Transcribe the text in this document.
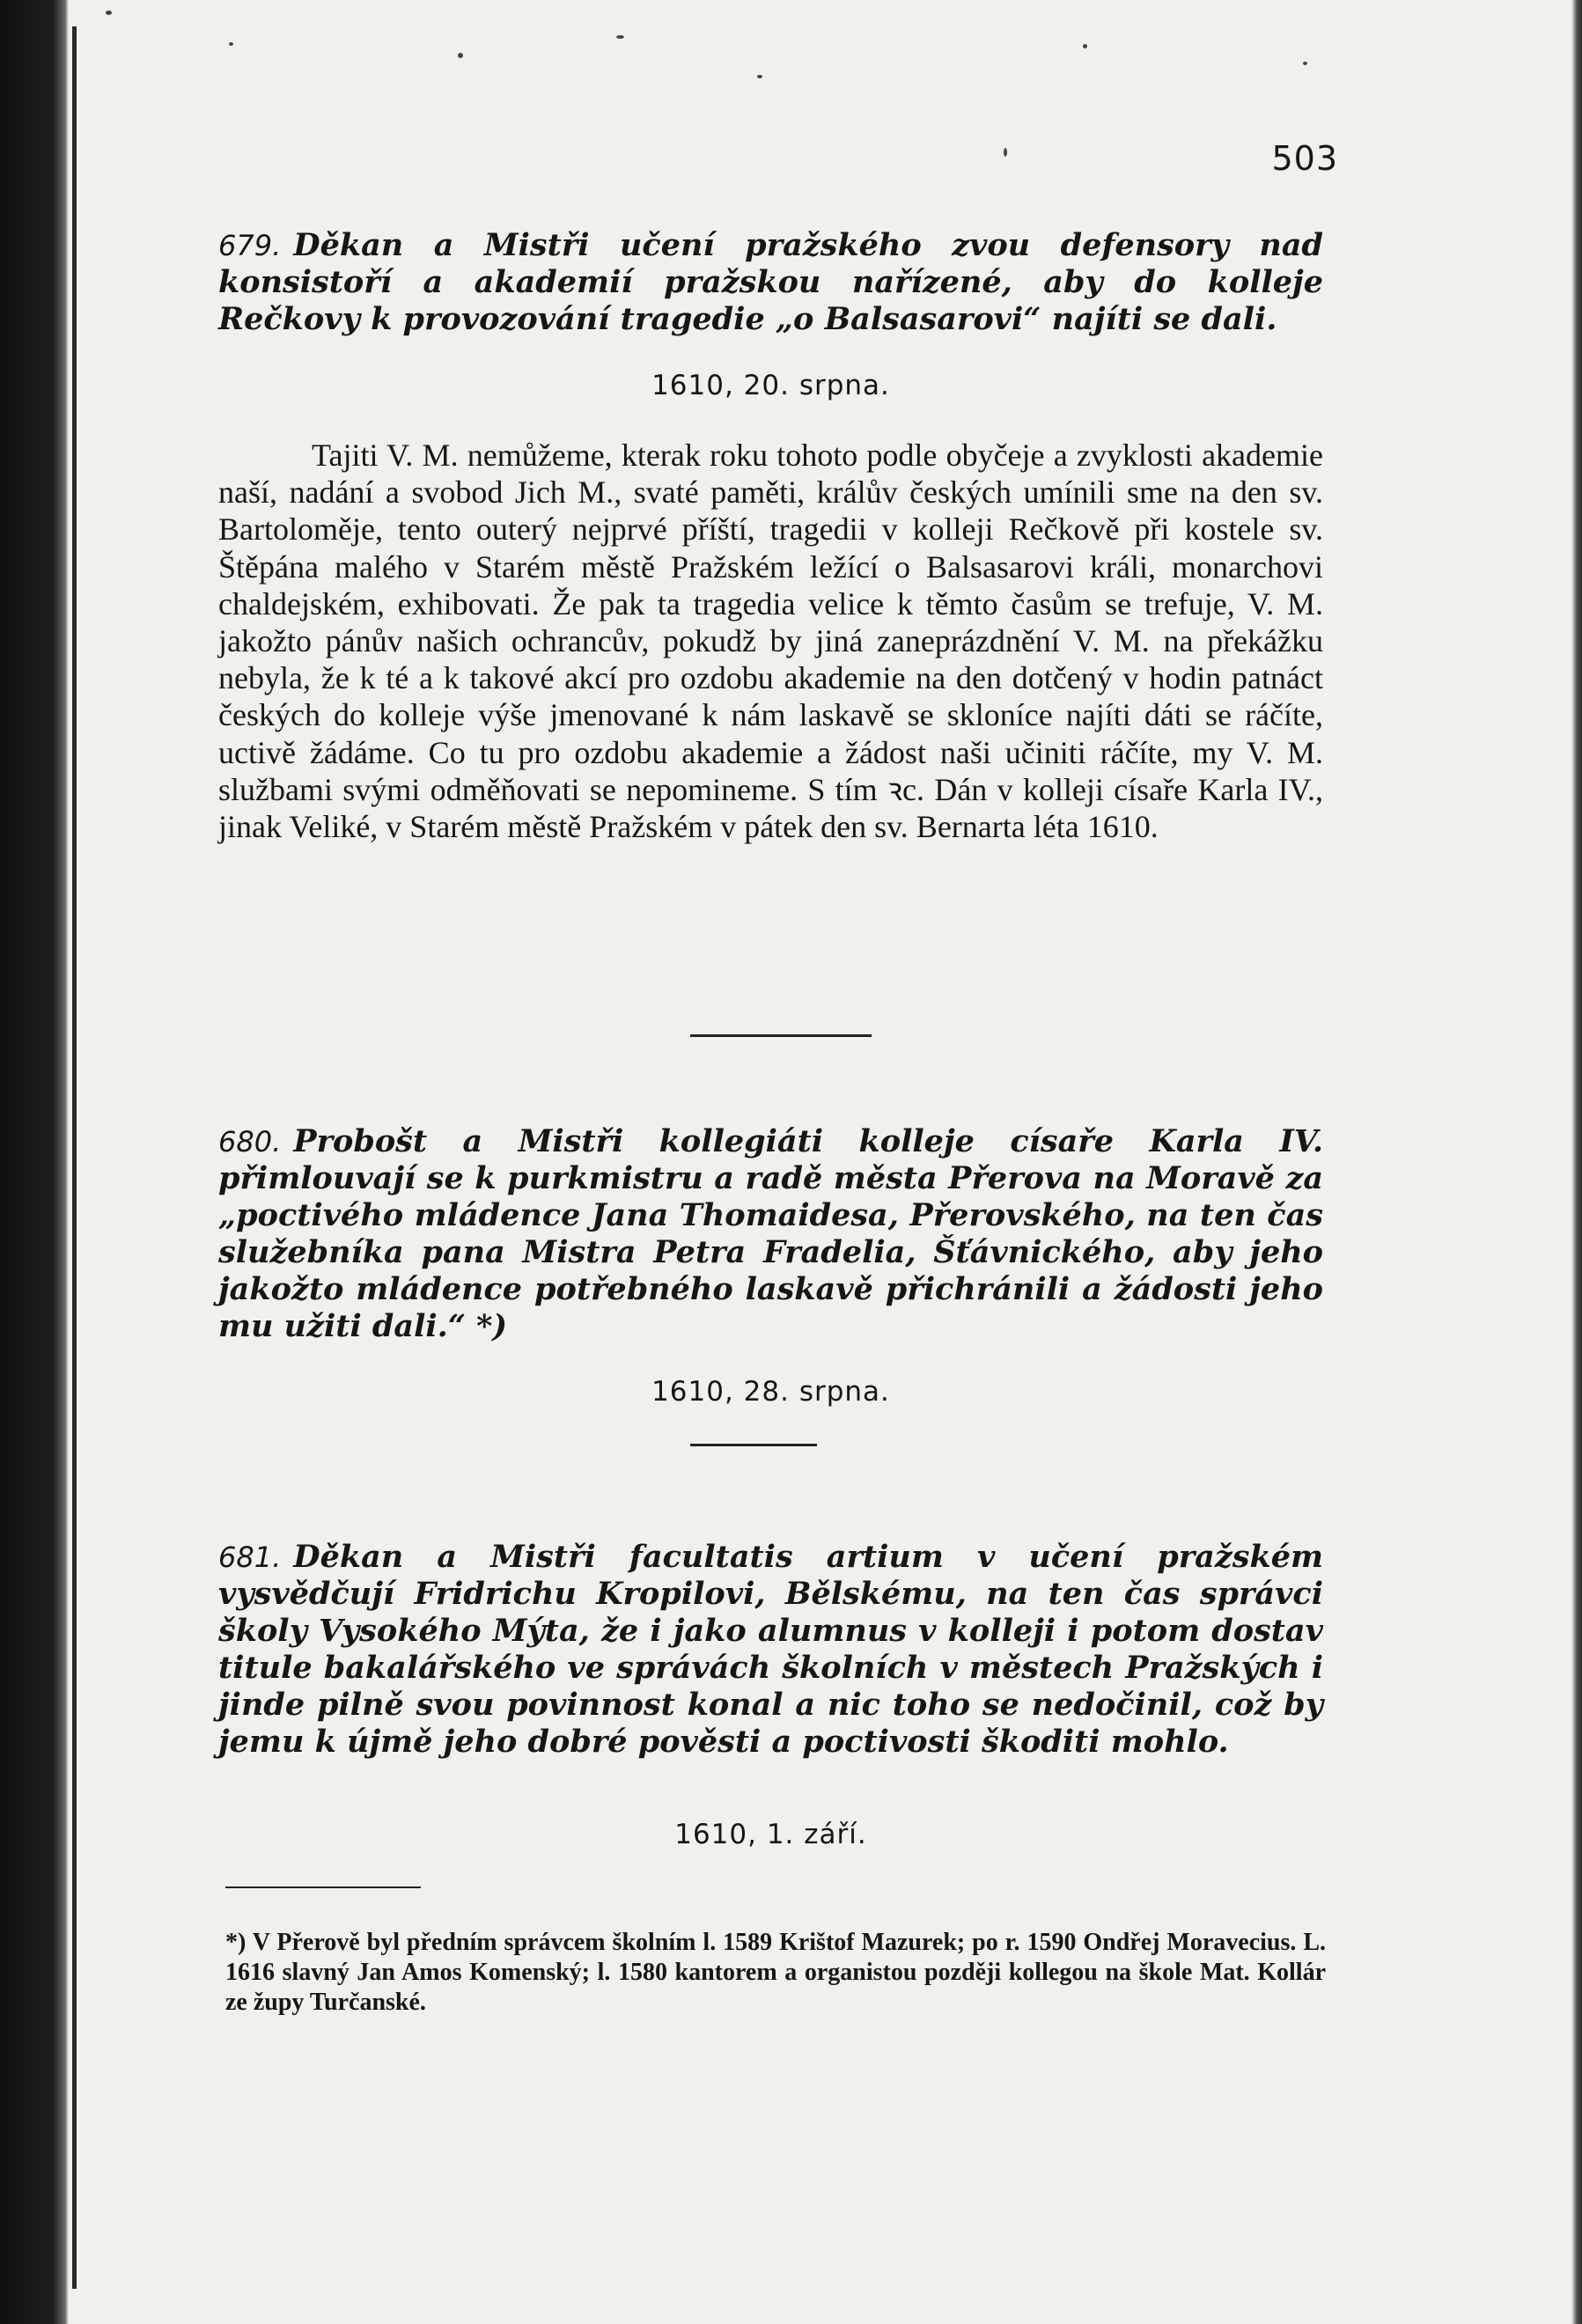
503

679. Děkan a Mistři učení pražského zvou defensory nad konsistoří a akademií pražskou nařízené, aby do kolleje Rečkovy k provozování tragedie „o Balsasarovi“ najíti se dali.

1610, 20. srpna.

Tajiti V. M. nemůžeme, kterak roku tohoto podle obyčeje a zvyklosti akademie naší, nadání a svobod Jich M., svaté paměti, králův českých umínili sme na den sv. Bartoloměje, tento outerý nejprvé příští, tragedii v kolleji Rečkově při kostele sv. Štěpána malého v Starém městě Pražském ležící o Balsasarovi králi, monarchovi chaldejském, exhibovati. Že pak ta tragedia velice k těmto časům se trefuje, V. M. jakožto pánův našich ochrancův, pokudž by jiná zaneprázdnění V. M. na překážku nebyla, že k té a k takové akcí pro ozdobu akademie na den dotčený v hodin patnáct českých do kolleje výše jmenované k nám laskavě se skloníce najíti dáti se ráčíte, uctivě žádáme. Co tu pro ozdobu akademie a žádost naši učiniti ráčíte, my V. M. službami svými odměňovati se nepomineme. S tím ꝛc. Dán v kolleji císaře Karla IV., jinak Veliké, v Starém městě Pražském v pátek den sv. Bernarta léta 1610.

680. Probošt a Mistři kollegiáti kolleje císaře Karla IV. přimlouvají se k purkmistru a radě města Přerova na Moravě za „poctivého mládence Jana Thomaidesa, Přerovského, na ten čas služebníka pana Mistra Petra Fradelia, Šťávnického, aby jeho jakožto mládence potřebného laskavě přichránili a žádosti jeho mu užiti dali.“ *)

1610, 28. srpna.

681. Děkan a Mistři facultatis artium v učení pražském vysvědčují Fridrichu Kropilovi, Bělskému, na ten čas správci školy Vysokého Mýta, že i jako alumnus v kolleji i potom dostav titule bakalářského ve správách školních v městech Pražských i jinde pilně svou povinnost konal a nic toho se nedočinil, což by jemu k újmě jeho dobré pověsti a poctivosti škoditi mohlo.

1610, 1. září.
*) V Přerově byl předním správcem školním l. 1589 Krištof Mazurek; po r. 1590 Ondřej Moravecius. L. 1616 slavný Jan Amos Komenský; l. 1580 kantorem a organistou později kollegou na škole Mat. Kollár ze župy Turčanské.
